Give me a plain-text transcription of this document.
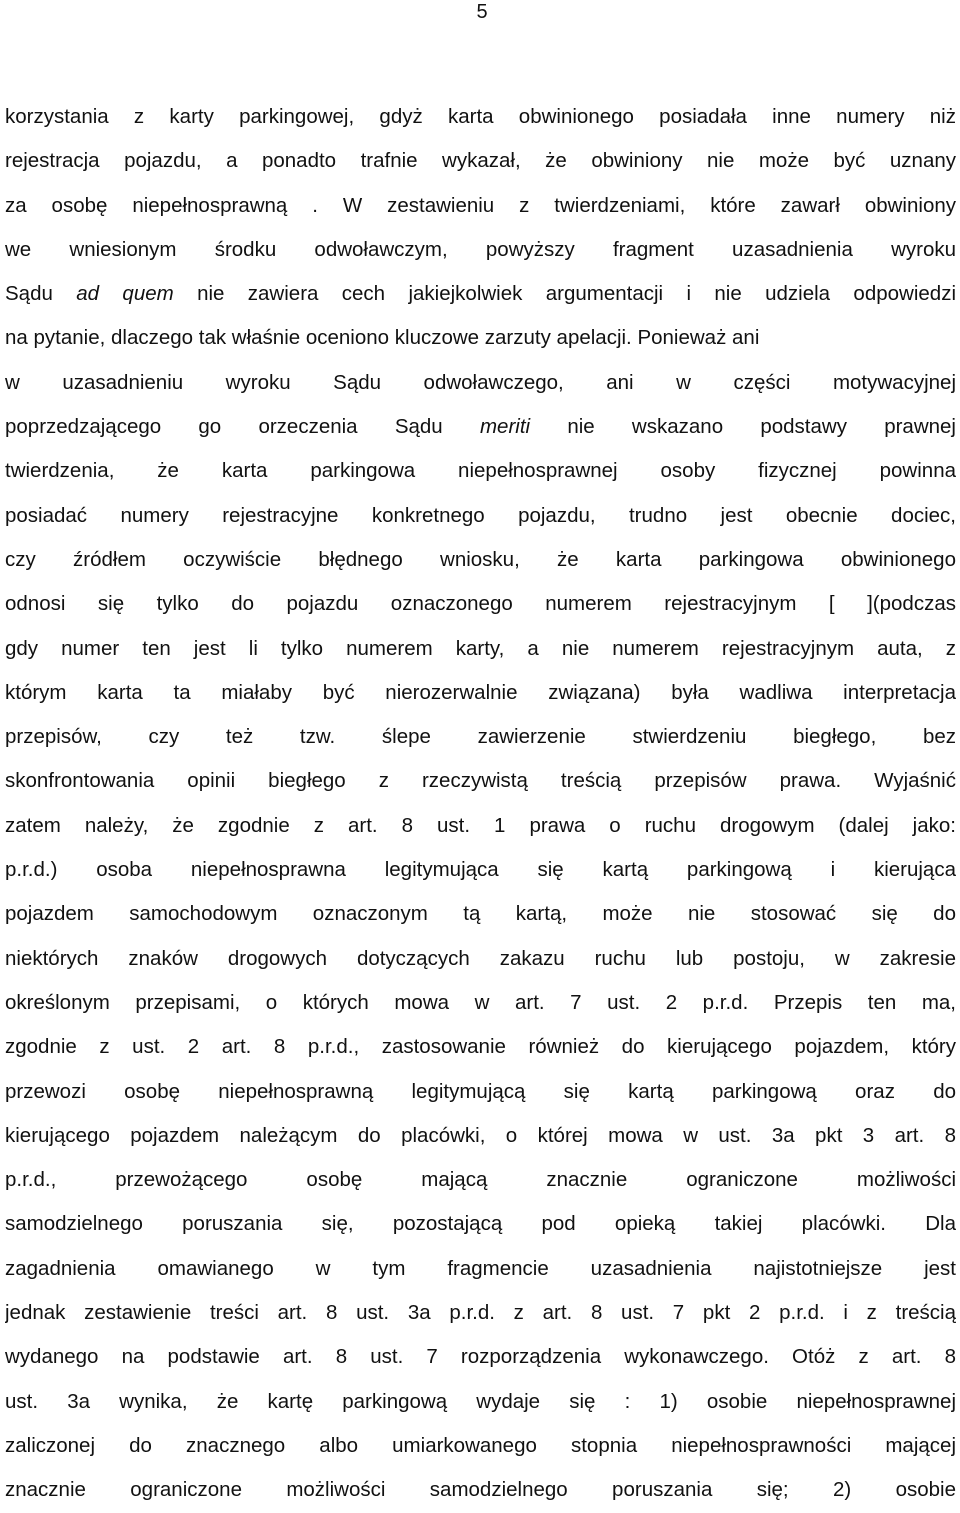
5
korzystania z karty parkingowej, gdyż karta obwinionego posiadała inne numery niż
rejestracja pojazdu, a ponadto trafnie wykazał, że obwiniony nie może być uznany
za osobę niepełnosprawną . W zestawieniu z twierdzeniami, które zawarł obwiniony
we wniesionym środku odwoławczym, powyższy fragment uzasadnienia wyroku
Sądu ad quem nie zawiera cech jakiejkolwiek argumentacji i nie udziela odpowiedzi
na pytanie, dlaczego tak właśnie oceniono kluczowe zarzuty apelacji. Ponieważ ani
w uzasadnieniu wyroku Sądu odwoławczego, ani w części motywacyjnej
poprzedzającego go orzeczenia Sądu meriti nie wskazano podstawy prawnej
twierdzenia, że karta parkingowa niepełnosprawnej osoby fizycznej powinna
posiadać numery rejestracyjne konkretnego pojazdu, trudno jest obecnie dociec,
czy źródłem oczywiście błędnego wniosku, że karta parkingowa obwinionego
odnosi się tylko do pojazdu oznaczonego numerem rejestracyjnym [ ](podczas
gdy numer ten jest li tylko numerem karty, a nie numerem rejestracyjnym auta, z
którym karta ta miałaby być nierozerwalnie związana) była wadliwa interpretacja
przepisów, czy też tzw. ślepe zawierzenie stwierdzeniu biegłego, bez
skonfrontowania opinii biegłego z rzeczywistą treścią przepisów prawa. Wyjaśnić
zatem należy, że zgodnie z art. 8 ust. 1 prawa o ruchu drogowym (dalej jako:
p.r.d.) osoba niepełnosprawna legitymująca się kartą parkingową i kierująca
pojazdem samochodowym oznaczonym tą kartą, może nie stosować się do
niektórych znaków drogowych dotyczących zakazu ruchu lub postoju, w zakresie
określonym przepisami, o których mowa w art. 7 ust. 2 p.r.d. Przepis ten ma,
zgodnie z ust. 2 art. 8 p.r.d., zastosowanie również do kierującego pojazdem, który
przewozi osobę niepełnosprawną legitymującą się kartą parkingową oraz do
kierującego pojazdem należącym do placówki, o której mowa w ust. 3a pkt 3 art. 8
p.r.d., przewożącego osobę mającą znacznie ograniczone możliwości
samodzielnego poruszania się, pozostającą pod opieką takiej placówki. Dla
zagadnienia omawianego w tym fragmencie uzasadnienia najistotniejsze jest
jednak zestawienie treści art. 8 ust. 3a p.r.d. z art. 8 ust. 7 pkt 2 p.r.d. i z treścią
wydanego na podstawie art. 8 ust. 7 rozporządzenia wykonawczego. Otóż z art. 8
ust. 3a wynika, że kartę parkingową wydaje się : 1) osobie niepełnosprawnej
zaliczonej do znacznego albo umiarkowanego stopnia niepełnosprawności mającej
znacznie ograniczone możliwości samodzielnego poruszania się; 2) osobie
